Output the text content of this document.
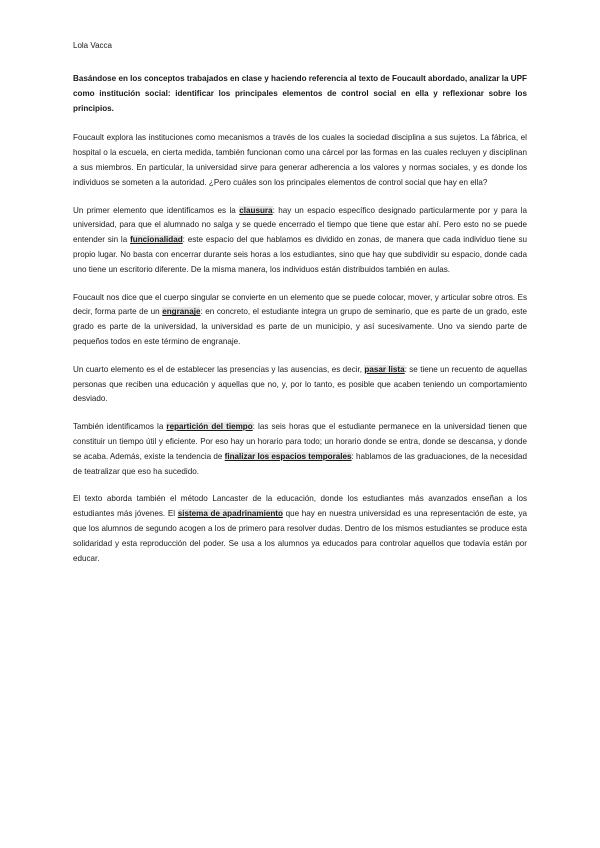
Lola Vacca

Basándose en los conceptos trabajados en clase y haciendo referencia al texto de Foucault abordado, analizar la UPF como institución social: identificar los principales elementos de control social en ella y reflexionar sobre los principios.

Foucault explora las instituciones como mecanismos a través de los cuales la sociedad disciplina a sus sujetos. La fábrica, el hospital o la escuela, en cierta medida, también funcionan como una cárcel por las formas en las cuales recluyen y disciplinan a sus miembros. En particular, la universidad sirve para generar adherencia a los valores y normas sociales, y es donde los individuos se someten a la autoridad. ¿Pero cuáles son los principales elementos de control social que hay en ella?

Un primer elemento que identificamos es la clausura: hay un espacio específico designado particularmente por y para la universidad, para que el alumnado no salga y se quede encerrado el tiempo que tiene que estar ahí. Pero esto no se puede entender sin la funcionalidad: este espacio del que hablamos es dividido en zonas, de manera que cada individuo tiene su propio lugar. No basta con encerrar durante seis horas a los estudiantes, sino que hay que subdividir su espacio, donde cada uno tiene un escritorio diferente. De la misma manera, los individuos están distribuidos también en aulas.

Foucault nos dice que el cuerpo singular se convierte en un elemento que se puede colocar, mover, y articular sobre otros. Es decir, forma parte de un engranaje: en concreto, el estudiante integra un grupo de seminario, que es parte de un grado, este grado es parte de la universidad, la universidad es parte de un municipio, y así sucesivamente. Uno va siendo parte de pequeños todos en este término de engranaje.

Un cuarto elemento es el de establecer las presencias y las ausencias, es decir, pasar lista: se tiene un recuento de aquellas personas que reciben una educación y aquellas que no, y, por lo tanto, es posible que acaben teniendo un comportamiento desviado.

También identificamos la repartición del tiempo: las seis horas que el estudiante permanece en la universidad tienen que constituir un tiempo útil y eficiente. Por eso hay un horario para todo; un horario donde se entra, donde se descansa, y donde se acaba. Además, existe la tendencia de finalizar los espacios temporales: hablamos de las graduaciones, de la necesidad de teatralizar que eso ha sucedido.

El texto aborda también el método Lancaster de la educación, donde los estudiantes más avanzados enseñan a los estudiantes más jóvenes. El sistema de apadrinamiento que hay en nuestra universidad es una representación de este, ya que los alumnos de segundo acogen a los de primero para resolver dudas. Dentro de los mismos estudiantes se produce esta solidaridad y esta reproducción del poder. Se usa a los alumnos ya educados para controlar aquellos que todavía están por educar.
